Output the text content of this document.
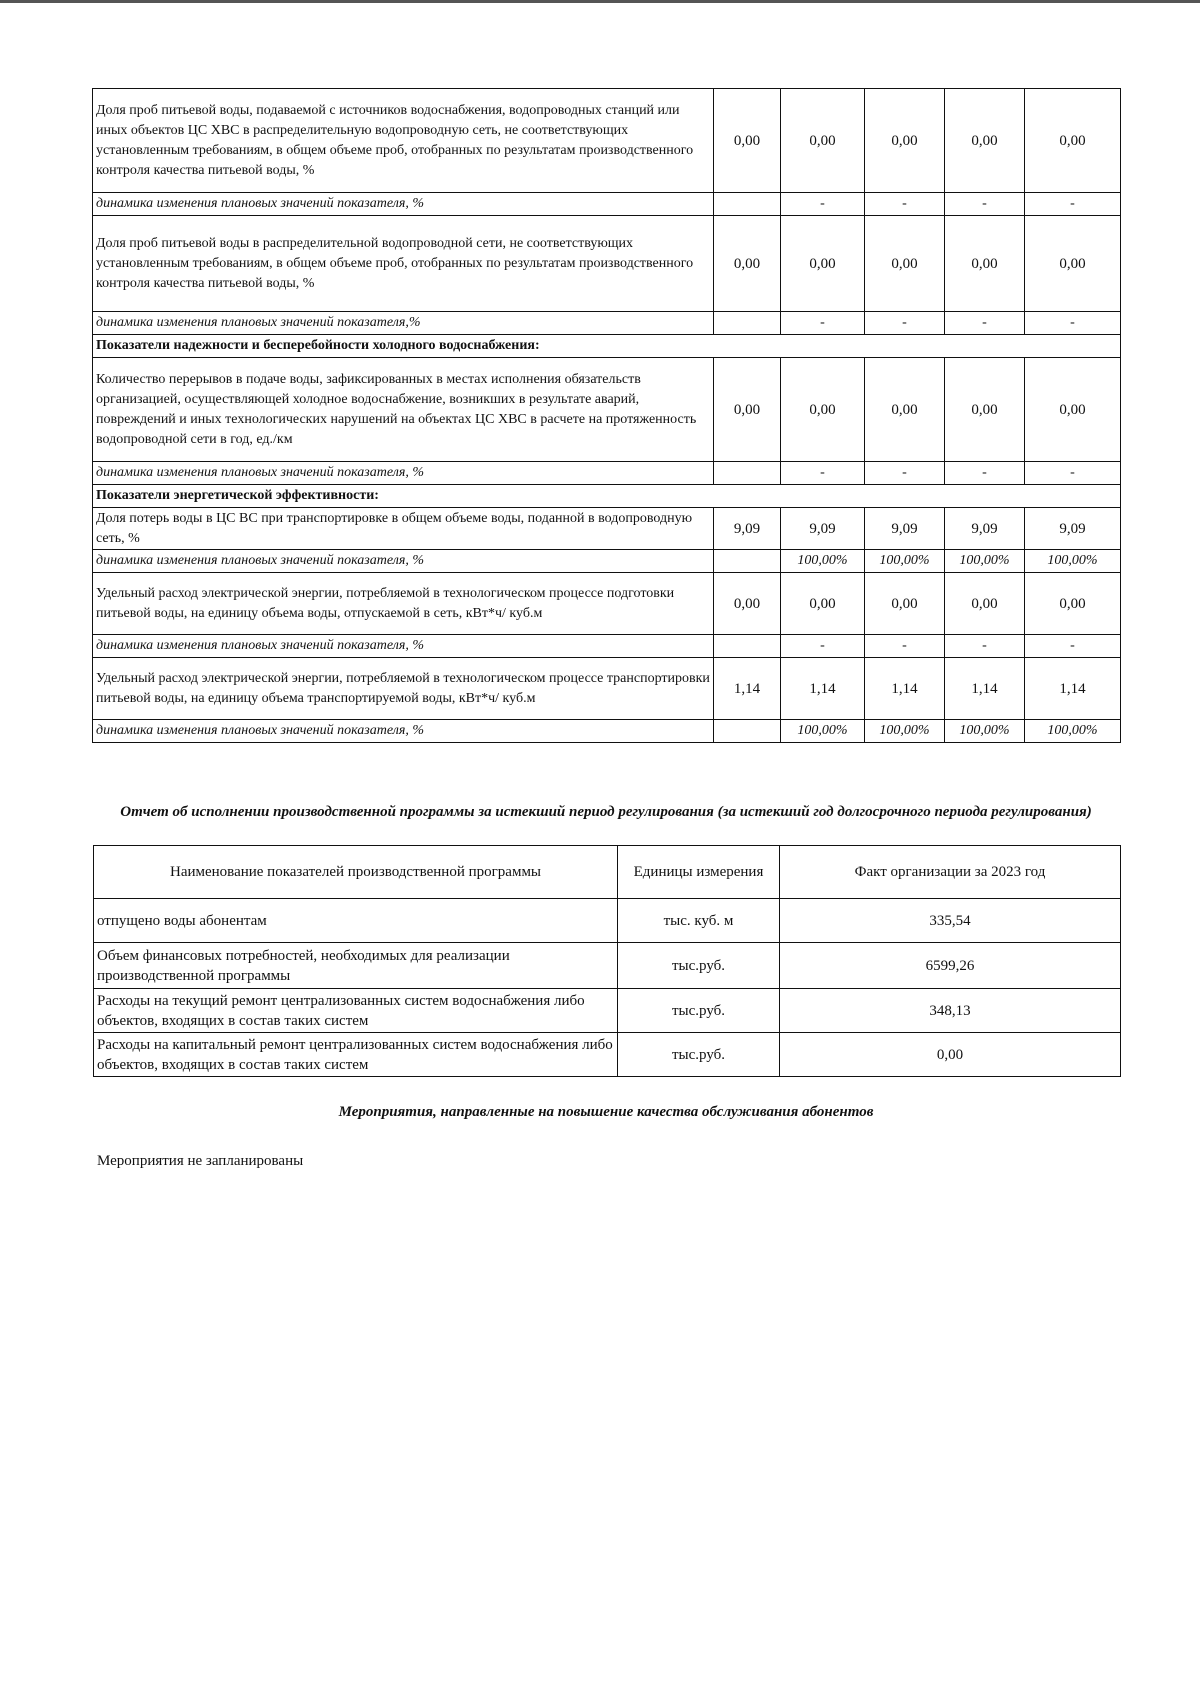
Доля проб питьевой воды, подаваемой с источников водоснабжения, водопроводных станций или иных объектов ЦС ХВС в распределительную водопроводную сеть, не соответствующих установленным требованиям, в общем объеме проб, отобранных по результатам производственного контроля качества питьевой воды, %	0,00	0,00	0,00	0,00	0,00
динамика изменения плановых значений показателя, %		-	-	-	-
Доля проб питьевой воды в распределительной водопроводной сети, не соответствующих установленным требованиям, в общем объеме проб, отобранных по результатам производственного контроля качества питьевой воды, %	0,00	0,00	0,00	0,00	0,00
динамика изменения плановых значений показателя,%		-	-	-	-
Показатели надежности и бесперебойности холодного водоснабжения:					
Количество перерывов в подаче воды, зафиксированных в местах исполнения обязательств организацией, осуществляющей холодное водоснабжение, возникших в результате аварий, повреждений и иных технологических нарушений на объектах ЦС ХВС в расчете на протяженность водопроводной сети в год, ед./км	0,00	0,00	0,00	0,00	0,00
динамика изменения плановых значений показателя, %		-	-	-	-
Показатели энергетической эффективности:					
Доля потерь воды в ЦС ВС при транспортировке в общем объеме воды, поданной в водопроводную сеть, %	9,09	9,09	9,09	9,09	9,09
динамика изменения плановых значений показателя, %		100,00%	100,00%	100,00%	100,00%
Удельный расход электрической энергии, потребляемой в технологическом процессе подготовки питьевой воды, на единицу объема воды, отпускаемой в сеть, кВт*ч/ куб.м	0,00	0,00	0,00	0,00	0,00
динамика изменения плановых значений показателя, %		-	-	-	-
Удельный расход электрической энергии, потребляемой в технологическом процессе транспортировки питьевой воды, на единицу объема транспортируемой воды, кВт*ч/ куб.м	1,14	1,14	1,14	1,14	1,14
динамика изменения плановых значений показателя, %		100,00%	100,00%	100,00%	100,00%
Отчет об исполнении производственной программы за истекший период регулирования (за истекший год долгосрочного периода регулирования)
Наименование показателей производственной программы	Единицы измерения	Факт организации за 2023 год
отпущено воды абонентам	тыс. куб. м	335,54
Объем финансовых потребностей, необходимых для реализации производственной программы	тыс.руб.	6599,26
Расходы на текущий ремонт централизованных систем водоснабжения либо объектов, входящих в состав таких систем	тыс.руб.	348,13
Расходы на капитальный ремонт централизованных систем водоснабжения либо объектов, входящих в состав таких систем	тыс.руб.	0,00
Мероприятия, направленные на повышение качества обслуживания абонентов
Мероприятия не запланированы
